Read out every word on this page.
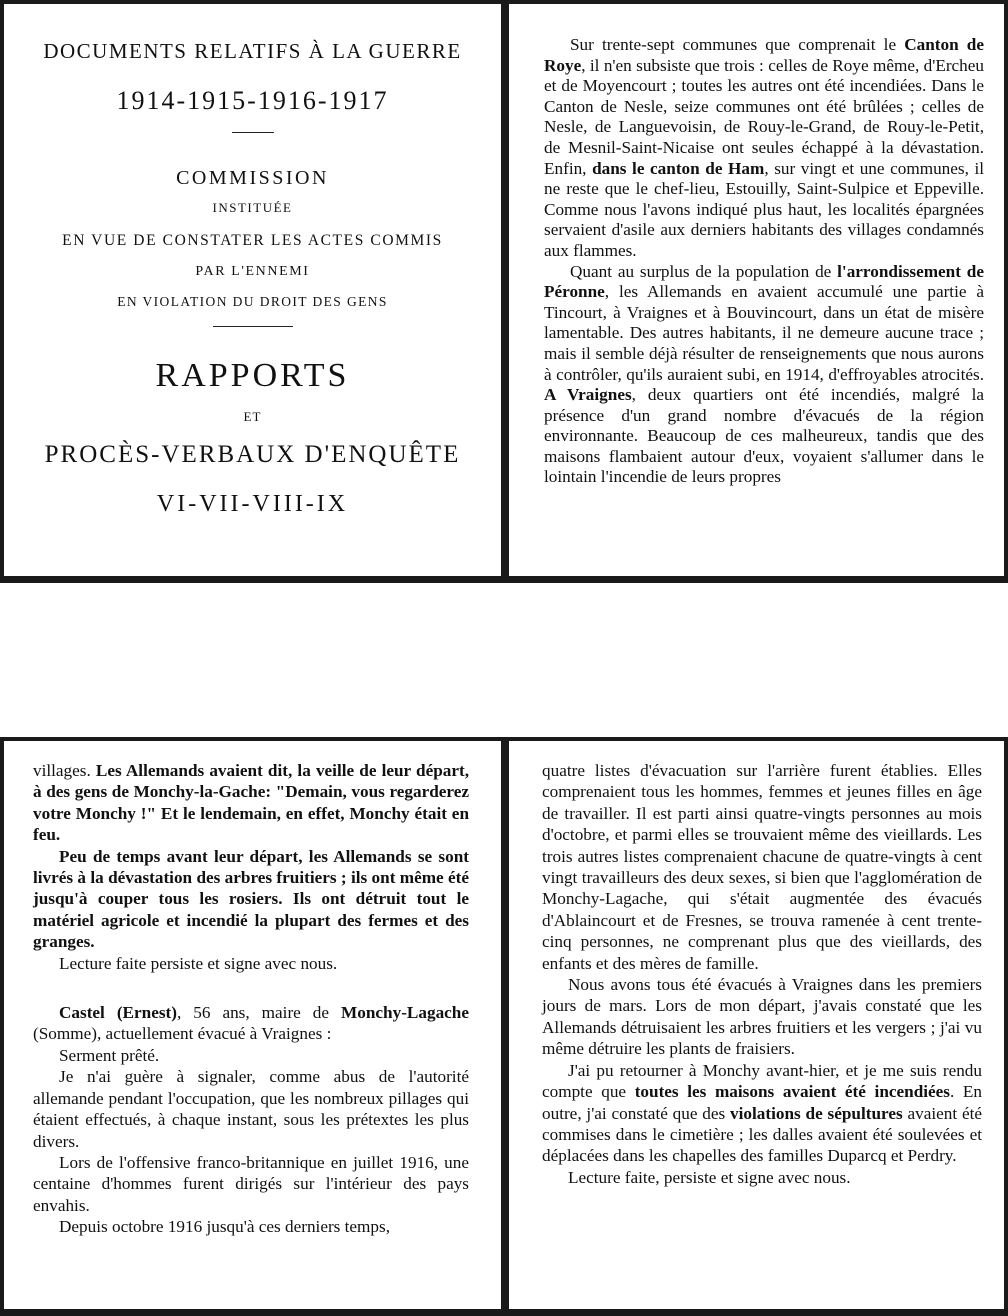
DOCUMENTS RELATIFS À LA GUERRE
1914-1915-1916-1917
COMMISSION
INSTITUÉE
EN VUE DE CONSTATER LES ACTES COMMIS
PAR L'ENNEMI
EN VIOLATION DU DROIT DES GENS
RAPPORTS
ET
PROCÈS-VERBAUX D'ENQUÊTE
VI-VII-VIII-IX

Sur trente-sept communes que comprenait le Canton de Roye, il n'en subsiste que trois : celles de Roye même, d'Ercheu et de Moyencourt ; toutes les autres ont été incendiées. Dans le Canton de Nesle, seize communes ont été brûlées ; celles de Nesle, de Languevoisin, de Rouy-le-Grand, de Rouy-le-Petit, de Mesnil-Saint-Nicaise ont seules échappé à la dévastation. Enfin, dans le canton de Ham, sur vingt et une communes, il ne reste que le chef-lieu, Estouilly, Saint-Sulpice et Eppeville. Comme nous l'avons indiqué plus haut, les localités épargnées servaient d'asile aux derniers habitants des villages condamnés aux flammes.

Quant au surplus de la population de l'arrondissement de Péronne, les Allemands en avaient accumulé une partie à Tincourt, à Vraignes et à Bouvincourt, dans un état de misère lamentable. Des autres habitants, il ne demeure aucune trace ; mais il semble déjà résulter de renseignements que nous aurons à contrôler, qu'ils auraient subi, en 1914, d'effroyables atrocités. A Vraignes, deux quartiers ont été incendiés, malgré la présence d'un grand nombre d'évacués de la région environnante. Beaucoup de ces malheureux, tandis que des maisons flambaient autour d'eux, voyaient s'allumer dans le lointain l'incendie de leurs propres

villages. Les Allemands avaient dit, la veille de leur départ, à des gens de Monchy-la-Gache: "Demain, vous regarderez votre Monchy !" Et le lendemain, en effet, Monchy était en feu.

Peu de temps avant leur départ, les Allemands se sont livrés à la dévastation des arbres fruitiers ; ils ont même été jusqu'à couper tous les rosiers. Ils ont détruit tout le matériel agricole et incendié la plupart des fermes et des granges.

Lecture faite persiste et signe avec nous.

Castel (Ernest), 56 ans, maire de Monchy-Lagache (Somme), actuellement évacué à Vraignes :

Serment prêté.

Je n'ai guère à signaler, comme abus de l'autorité allemande pendant l'occupation, que les nombreux pillages qui étaient effectués, à chaque instant, sous les prétextes les plus divers.

Lors de l'offensive franco-britannique en juillet 1916, une centaine d'hommes furent dirigés sur l'intérieur des pays envahis.

Depuis octobre 1916 jusqu'à ces derniers temps,

quatre listes d'évacuation sur l'arrière furent établies. Elles comprenaient tous les hommes, femmes et jeunes filles en âge de travailler. Il est parti ainsi quatre-vingts personnes au mois d'octobre, et parmi elles se trouvaient même des vieillards. Les trois autres listes comprenaient chacune de quatre-vingts à cent vingt travailleurs des deux sexes, si bien que l'agglomération de Monchy-Lagache, qui s'était augmentée des évacués d'Ablaincourt et de Fresnes, se trouva ramenée à cent trente-cinq personnes, ne comprenant plus que des vieillards, des enfants et des mères de famille.

Nous avons tous été évacués à Vraignes dans les premiers jours de mars. Lors de mon départ, j'avais constaté que les Allemands détruisaient les arbres fruitiers et les vergers ; j'ai vu même détruire les plants de fraisiers.

J'ai pu retourner à Monchy avant-hier, et je me suis rendu compte que toutes les maisons avaient été incendiées. En outre, j'ai constaté que des violations de sépultures avaient été commises dans le cimetière ; les dalles avaient été soulevées et déplacées dans les chapelles des familles Duparcq et Perdry.

Lecture faite, persiste et signe avec nous.
